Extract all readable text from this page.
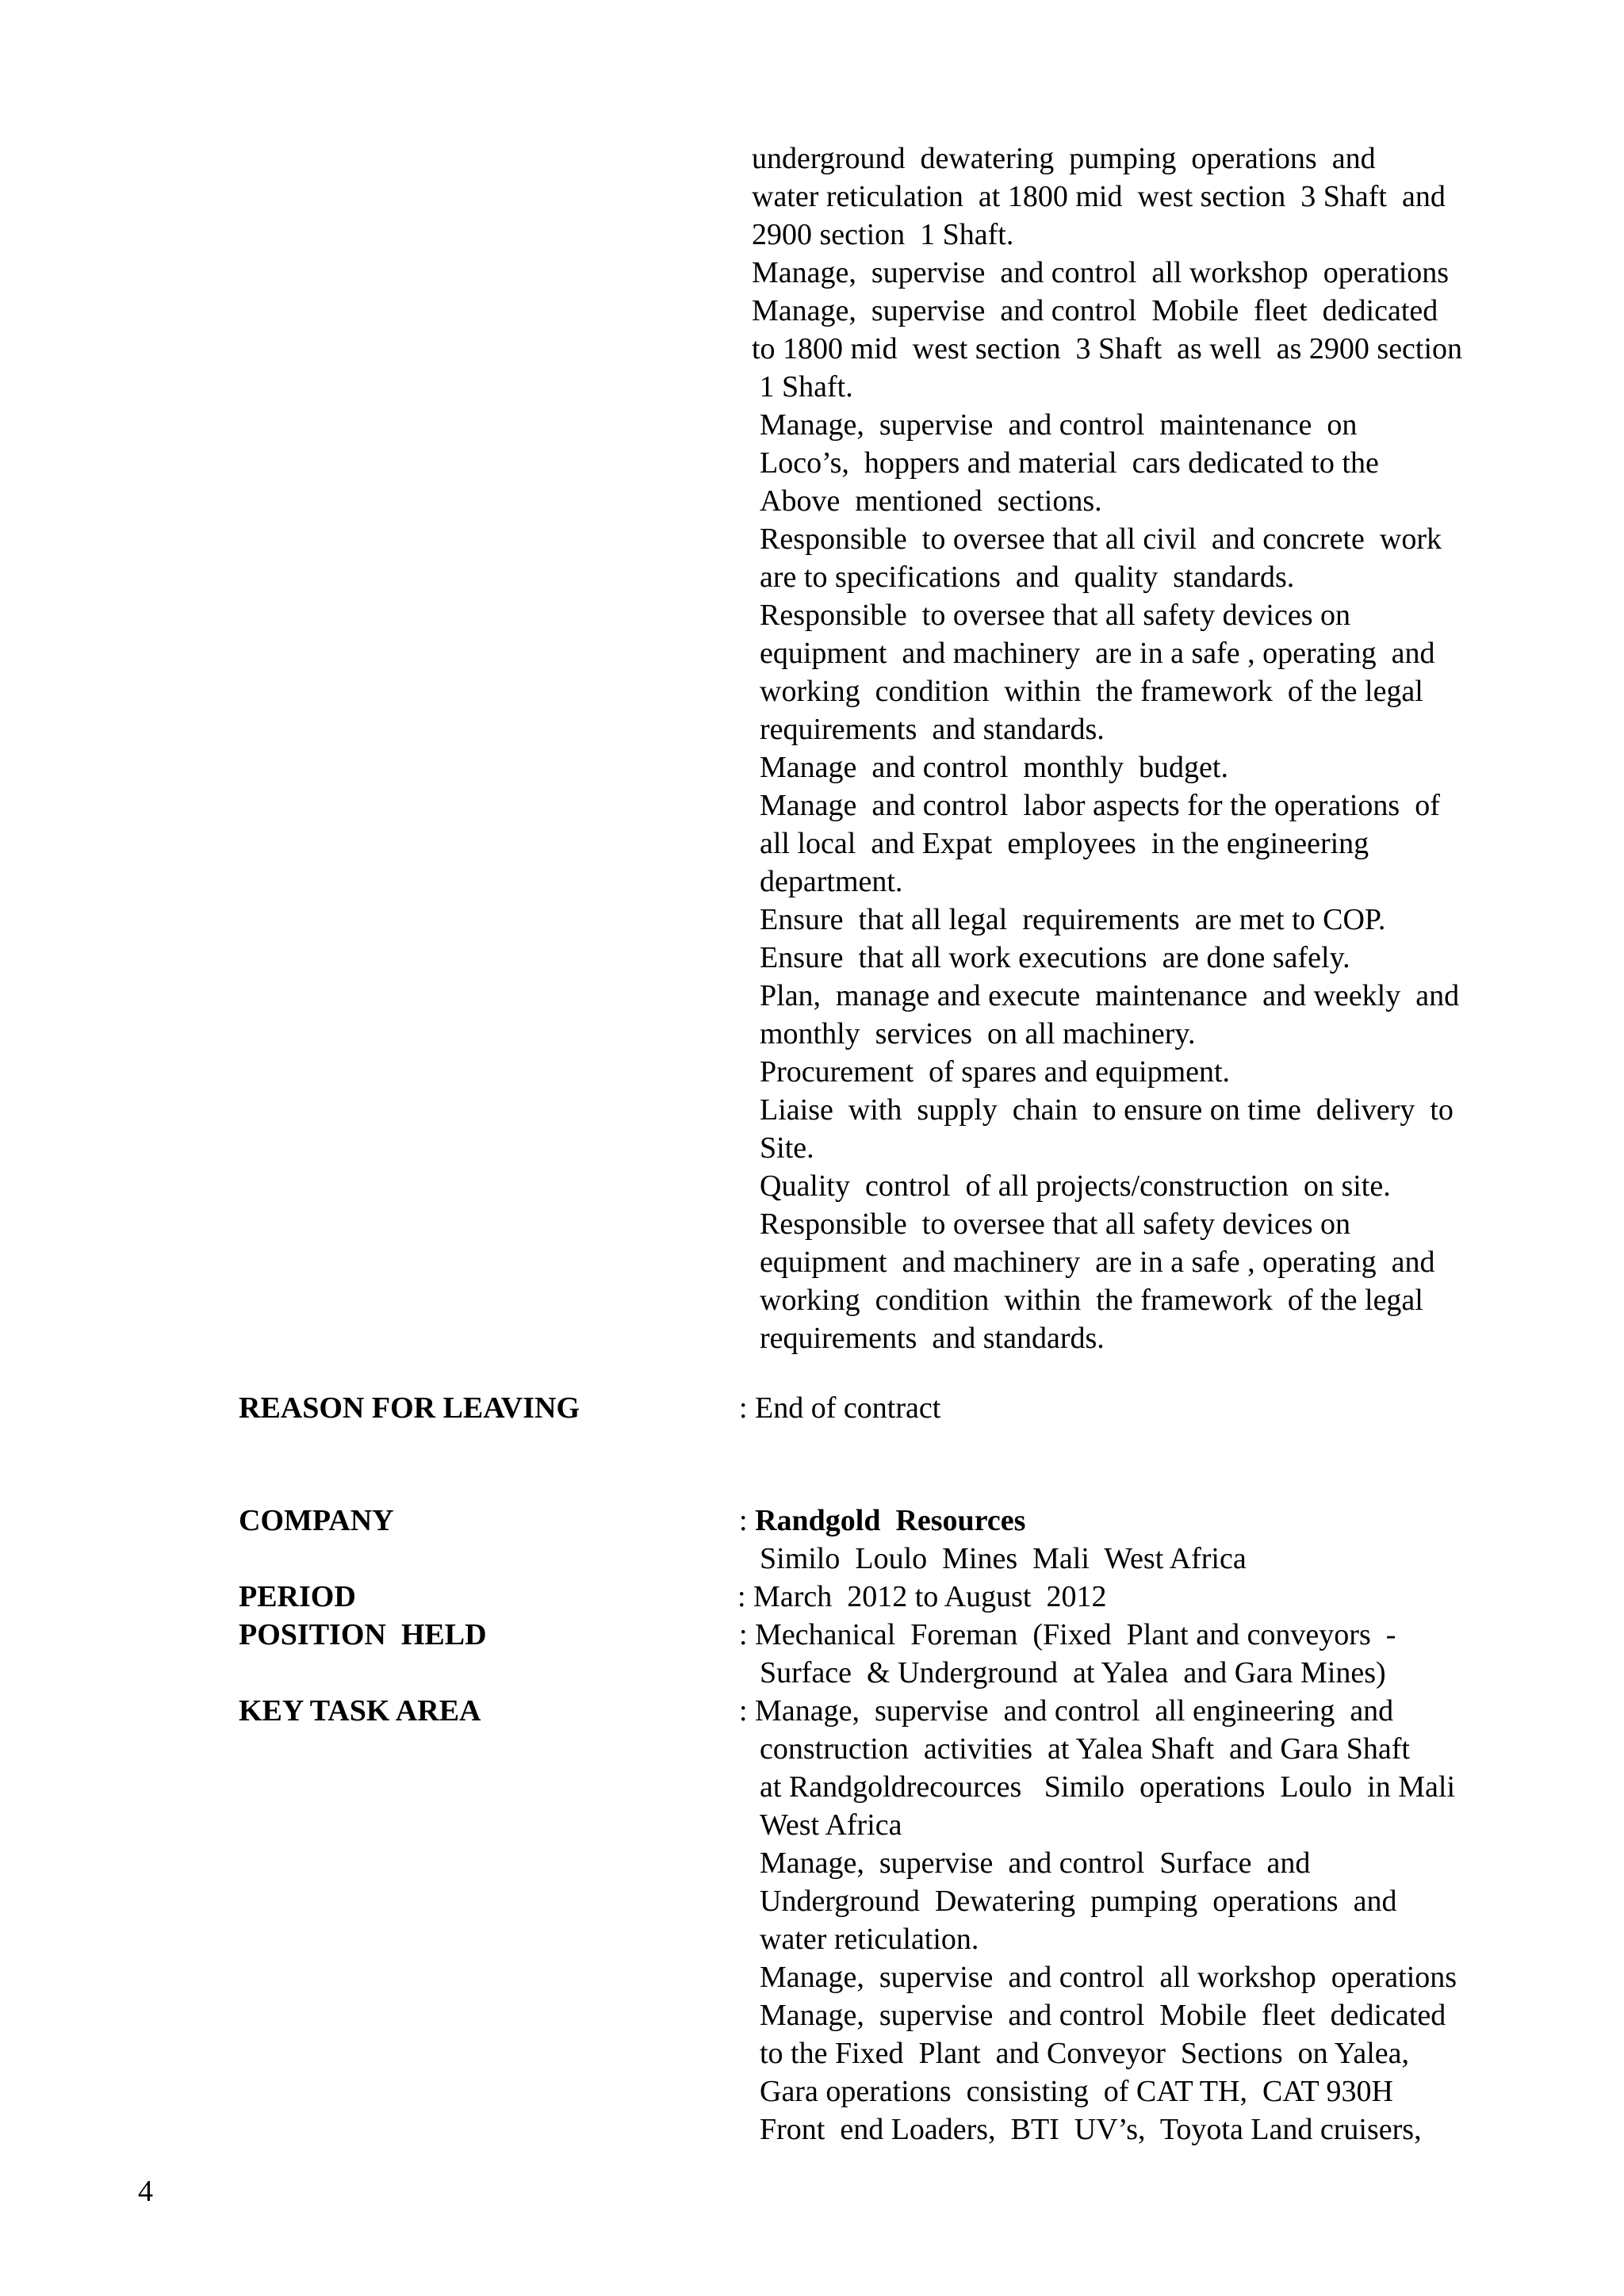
underground  dewatering  pumping  operations  and
water reticulation  at 1800 mid  west section  3 Shaft  and
2900 section  1 Shaft.
Manage,  supervise  and control  all workshop  operations
Manage,  supervise  and control  Mobile  fleet  dedicated
to 1800 mid  west section  3 Shaft  as well  as 2900 section
1 Shaft.
Manage,  supervise  and control  maintenance  on
Loco’s,  hoppers and material  cars dedicated to the
Above  mentioned  sections.
Responsible  to oversee that all civil  and concrete  work
are to specifications  and  quality  standards.
Responsible  to oversee that all safety devices on
equipment  and machinery  are in a safe , operating  and
working  condition  within  the framework  of the legal
requirements  and standards.
Manage  and control  monthly  budget.
Manage  and control  labor aspects for the operations  of
all local  and Expat  employees  in the engineering
department.
Ensure  that all legal  requirements  are met to COP.
Ensure  that all work executions  are done safely.
Plan,  manage and execute  maintenance  and weekly  and
monthly  services  on all machinery.
Procurement  of spares and equipment.
Liaise  with  supply  chain  to ensure on time  delivery  to
Site.
Quality  control  of all projects/construction  on site.
Responsible  to oversee that all safety devices on
equipment  and machinery  are in a safe , operating  and
working  condition  within  the framework  of the legal
requirements  and standards.
REASON FOR LEAVING	: End of contract
COMPANY	: Randgold  Resources
Similo  Loulo  Mines  Mali  West Africa
PERIOD	: March  2012 to August  2012
POSITION  HELD	: Mechanical  Foreman  (Fixed  Plant and conveyors  -
Surface  & Underground  at Yalea  and Gara Mines)
KEY TASK AREA	: Manage,  supervise  and control  all engineering  and
construction  activities  at Yalea Shaft  and Gara Shaft
at Randgoldrecources   Similo  operations  Loulo  in Mali
West Africa
Manage,  supervise  and control  Surface  and
Underground  Dewatering  pumping  operations  and
water reticulation.
Manage,  supervise  and control  all workshop  operations
Manage,  supervise  and control  Mobile  fleet  dedicated
to the Fixed  Plant  and Conveyor  Sections  on Yalea,
Gara operations  consisting  of CAT TH,  CAT 930H
Front  end Loaders,  BTI  UV’s,  Toyota Land cruisers,
4
